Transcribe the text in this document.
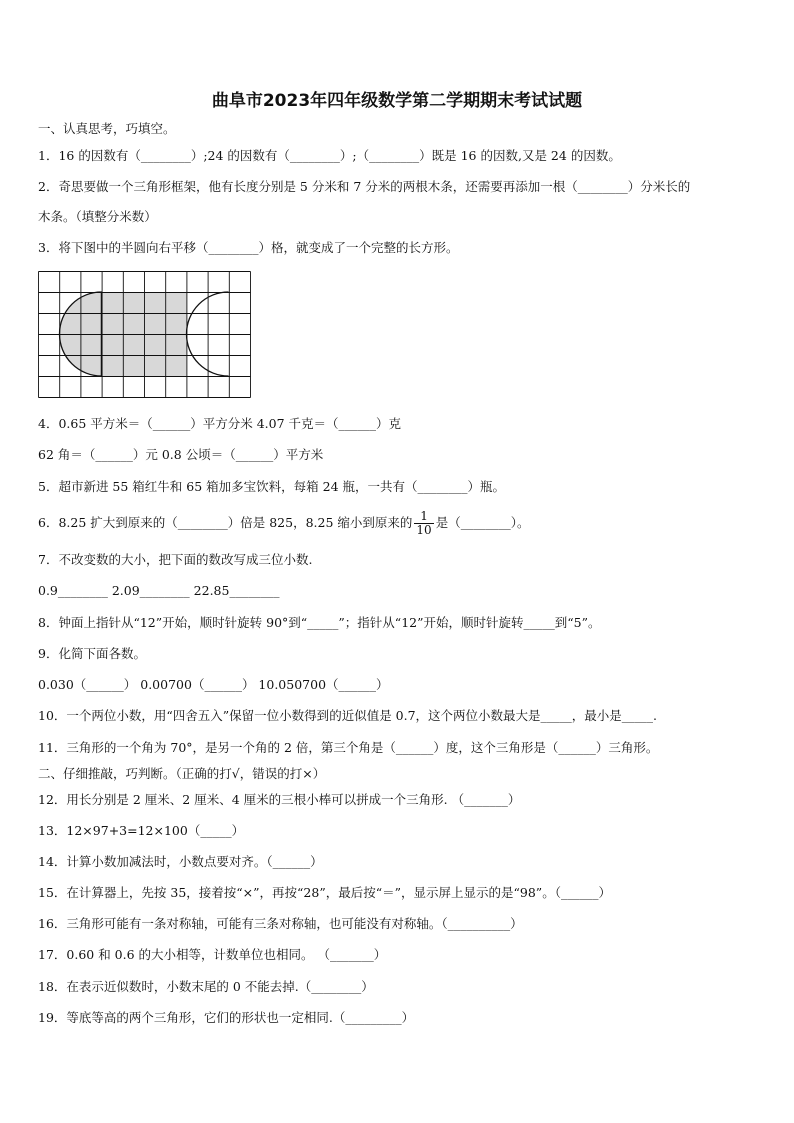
曲阜市2023年四年级数学第二学期期末考试试题
一、认真思考，巧填空。
1．16 的因数有（________）;24 的因数有（________）;（________）既是 16 的因数,又是 24 的因数。
2．奇思要做一个三角形框架，他有长度分别是 5 分米和 7 分米的两根木条，还需要再添加一根（________）分米长的
木条。（填整分米数）
3．将下图中的半圆向右平移（________）格，就变成了一个完整的长方形。
4．0.65 平方米＝（______）平方分米 4.07 千克＝（______）克
62 角＝（______）元 0.8 公顷＝（______）平方米
5．超市新进 55 箱红牛和 65 箱加多宝饮料，每箱 24 瓶，一共有（________）瓶。
6．8.25 扩大到原来的（________）倍是 825，8.25 缩小到原来的 $\frac{1}{10}$ 是（________）。
7．不改变数的大小，把下面的数改写成三位小数.
0.9________ 2.09________ 22.85________
8．钟面上指针从“12”开始，顺时针旋转 90°到“_____”；指针从“12”开始，顺时针旋转_____到“5”。
9．化简下面各数。
0.030（______） 0.00700（______） 10.050700（______）
10．一个两位小数，用“四舍五入”保留一位小数得到的近似值是 0.7，这个两位小数最大是_____，最小是_____.
11．三角形的一个角为 70°，是另一个角的 2 倍，第三个角是（______）度，这个三角形是（______）三角形。
二、仔细推敲，巧判断。（正确的打√，错误的打×）
12．用长分别是 2 厘米、2 厘米、4 厘米的三根小棒可以拼成一个三角形. （_______）
13．12×97+3=12×100（_____）
14．计算小数加减法时，小数点要对齐。（______）
15．在计算器上，先按 35，接着按“×”，再按“28”，最后按“＝”，显示屏上显示的是“98”。（______）
16．三角形可能有一条对称轴，可能有三条对称轴，也可能没有对称轴。（__________）
17．0.60 和 0.6 的大小相等，计数单位也相同。 （_______）
18．在表示近似数时，小数末尾的 0 不能去掉.（________）
19．等底等高的两个三角形，它们的形状也一定相同.（_________）
